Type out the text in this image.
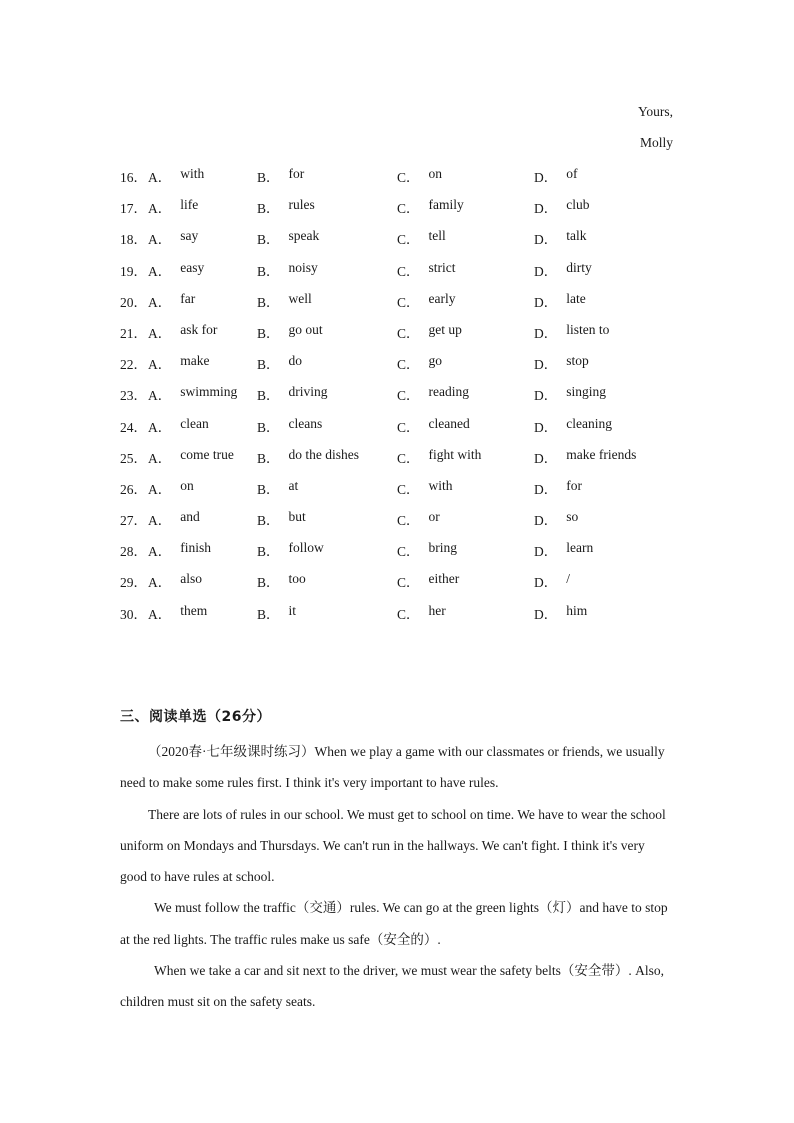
Yours,
Molly
16． A． with	B． for	C． on	D． of
17． A． life	B． rules	C． family	D． club
18． A． say	B． speak	C． tell	D． talk
19． A． easy	B． noisy	C． strict	D． dirty
20． A． far	B． well	C． early	D． late
21． A． ask for	B． go out	C． get up	D． listen to
22． A． make	B． do	C． go	D． stop
23． A． swimming B． driving	C． reading	D． singing
24． A． clean	B． cleans	C． cleaned	D． cleaning
25． A． come true B． do the dishes	C． fight with	D． make friends
26． A． on	B． at	C． with	D． for
27． A． and	B． but	C． or	D． so
28． A． finish	B． follow	C． bring	D． learn
29． A． also	B． too	C． either	D． /
30． A． them	B． it	C． her	D． him
三、阅读单选（26分）

（2020春·七年级课时练习）When we play a game with our classmates or friends, we usually need to make some rules first. I think it's very important to have rules.

There are lots of rules in our school. We must get to school on time. We have to wear the school uniform on Mondays and Thursdays. We can't run in the hallways. We can't fight. I think it's very good to have rules at school.

We must follow the traffic（交通）rules. We can go at the green lights（灯）and have to stop at the red lights. The traffic rules make us safe（安全的）.

When we take a car and sit next to the driver, we must wear the safety belts（安全带）. Also, children must sit on the safety seats.
